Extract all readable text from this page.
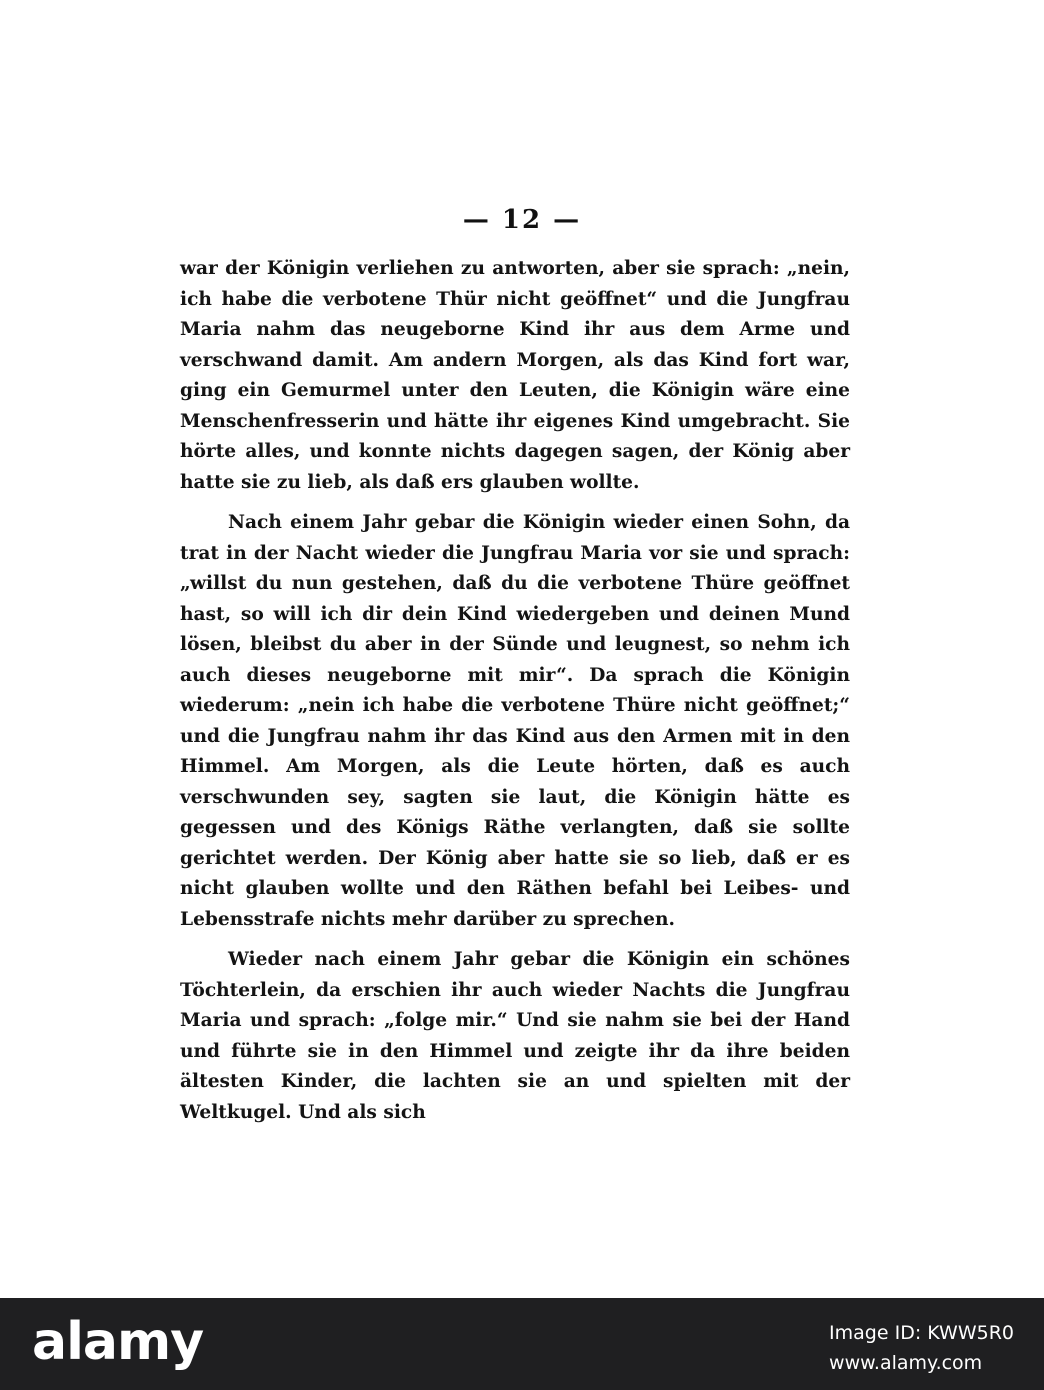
— 12 —

war der Königin verliehen zu antworten, aber sie sprach: „nein, ich habe die verbotene Thür nicht geöffnet“ und die Jungfrau Maria nahm das neugeborne Kind ihr aus dem Arme und verschwand damit. Am andern Morgen, als das Kind fort war, ging ein Gemurmel unter den Leuten, die Königin wäre eine Menschenfresserin und hätte ihr eigenes Kind umgebracht. Sie hörte alles, und konnte nichts dagegen sagen, der König aber hatte sie zu lieb, als daß ers glauben wollte.

Nach einem Jahr gebar die Königin wieder einen Sohn, da trat in der Nacht wieder die Jungfrau Maria vor sie und sprach: „willst du nun gestehen, daß du die verbotene Thüre geöffnet hast, so will ich dir dein Kind wiedergeben und deinen Mund lösen, bleibst du aber in der Sünde und leugnest, so nehm ich auch dieses neugeborne mit mir“. Da sprach die Königin wiederum: „nein ich habe die verbotene Thüre nicht geöffnet;“ und die Jungfrau nahm ihr das Kind aus den Armen mit in den Himmel. Am Morgen, als die Leute hörten, daß es auch verschwunden sey, sagten sie laut, die Königin hätte es gegessen und des Königs Räthe verlangten, daß sie sollte gerichtet werden. Der König aber hatte sie so lieb, daß er es nicht glauben wollte und den Räthen befahl bei Leibes- und Lebensstrafe nichts mehr darüber zu sprechen.

Wieder nach einem Jahr gebar die Königin ein schönes Töchterlein, da erschien ihr auch wieder Nachts die Jungfrau Maria und sprach: „folge mir.“ Und sie nahm sie bei der Hand und führte sie in den Himmel und zeigte ihr da ihre beiden ältesten Kinder, die lachten sie an und spielten mit der Weltkugel. Und als sich

alamy	Image ID: KWW5R0
www.alamy.com
